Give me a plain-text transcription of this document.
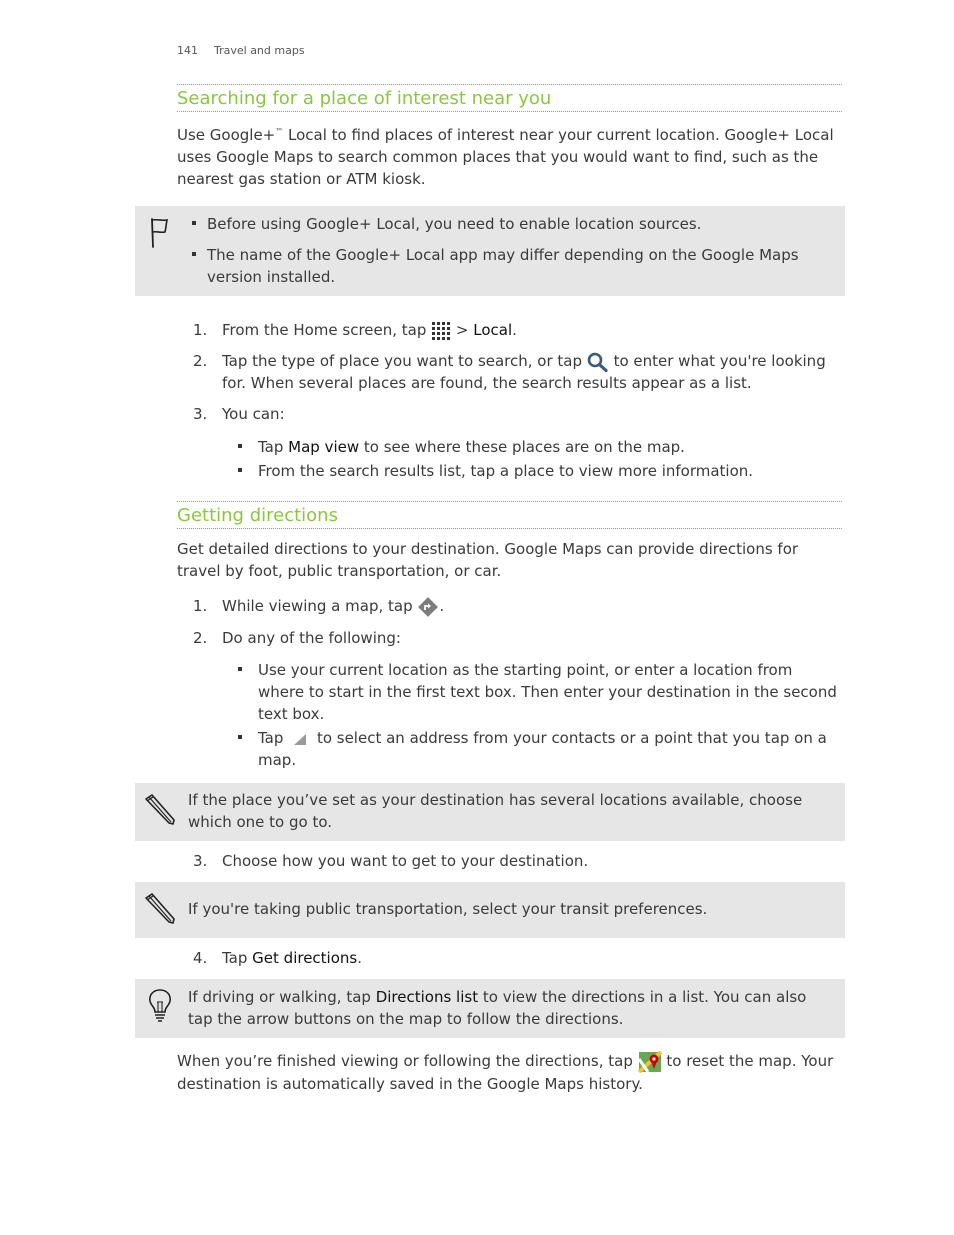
141 Travel and maps
Searching for a place of interest near you

Use Google+™ Local to find places of interest near your current location. Google+ Local uses Google Maps to search common places that you would want to find, such as the nearest gas station or ATM kiosk.

Before using Google+ Local, you need to enable location sources.
The name of the Google+ Local app may differ depending on the Google Maps version installed.
1. From the Home screen, tap  > Local.
2. Tap the type of place you want to search, or tap  to enter what you're looking for. When several places are found, the search results appear as a list.
3. You can:
Tap Map view to see where these places are on the map.
From the search results list, tap a place to view more information.
Getting directions

Get detailed directions to your destination. Google Maps can provide directions for travel by foot, public transportation, or car.

1. While viewing a map, tap .
2. Do any of the following:
Use your current location as the starting point, or enter a location from where to start in the first text box. Then enter your destination in the second text box.
Tap  to select an address from your contacts or a point that you tap on a map.
If the place you’ve set as your destination has several locations available, choose which one to go to.
3. Choose how you want to get to your destination.
If you're taking public transportation, select your transit preferences.
4. Tap Get directions.
If driving or walking, tap Directions list to view the directions in a list. You can also tap the arrow buttons on the map to follow the directions.

When you’re finished viewing or following the directions, tap  to reset the map. Your destination is automatically saved in the Google Maps history.
